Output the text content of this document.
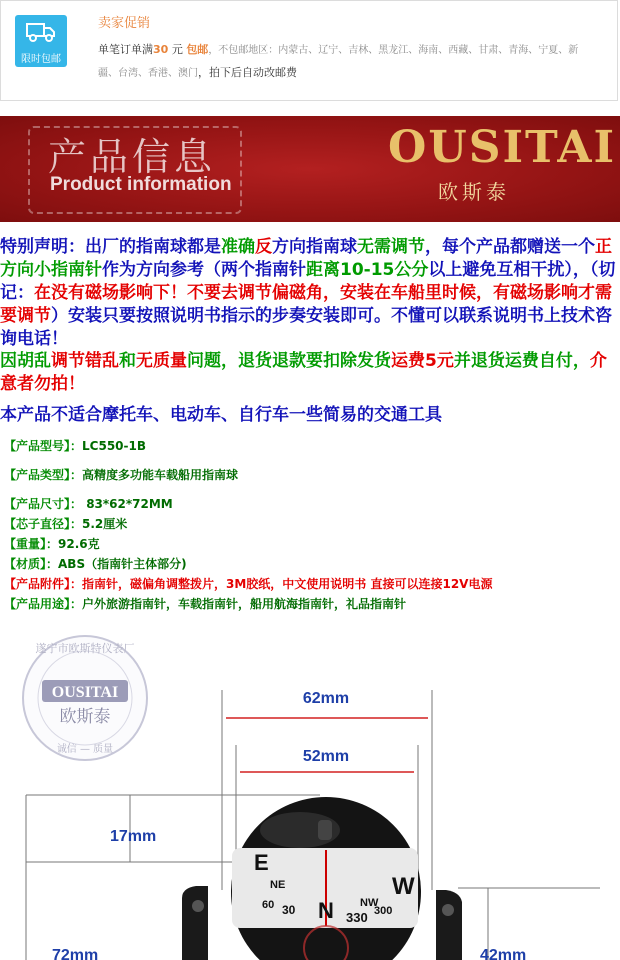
限时包邮
卖家促销
单笔订单满30 元 包邮，不包邮地区：内蒙古、辽宁、吉林、黑龙江、海南、西藏、甘肃、青海、宁夏、新疆、台湾、香港、澳门，拍下后自动改邮费
产品信息
Product information
OUSITAI
欧斯泰
特别声明：出厂的指南球都是准确反方向指南球无需调节，每个产品都赠送一个正方向小指南针作为方向参考（两个指南针距离10-15公分以上避免互相干扰），（切记：在没有磁场影响下！不要去调节偏磁角，安装在车船里时候，有磁场影响才需要调节）安装只要按照说明书指示的步奏安装即可。不懂可以联系说明书上技术咨询电话！
因胡乱调节错乱和无质量问题，退货退款要扣除发货运费5元并退货运费自付，介意者勿拍！
本产品不适合摩托车、电动车、自行车一些简易的交通工具
【产品型号】：LC550-1B
【产品类型】：高精度多功能车载船用指南球
【产品尺寸】： 83*62*72MM
【芯子直径】：5.2厘米
【重量】：92.6克
【材质】：ABS（指南针主体部分)
【产品附件】：指南针，磁偏角调整拨片，3M胶纸，中文使用说明书 直接可以连接12V电源
【产品用途】：户外旅游指南针，车载指南针，船用航海指南针，礼品指南针
遂宁市欧斯特仪表厂
OUSITAI
欧斯泰
诚信 — 质量
62mm
52mm
17mm
72mm	42mm
E
NE
60 30 N 330
NW
300
W
